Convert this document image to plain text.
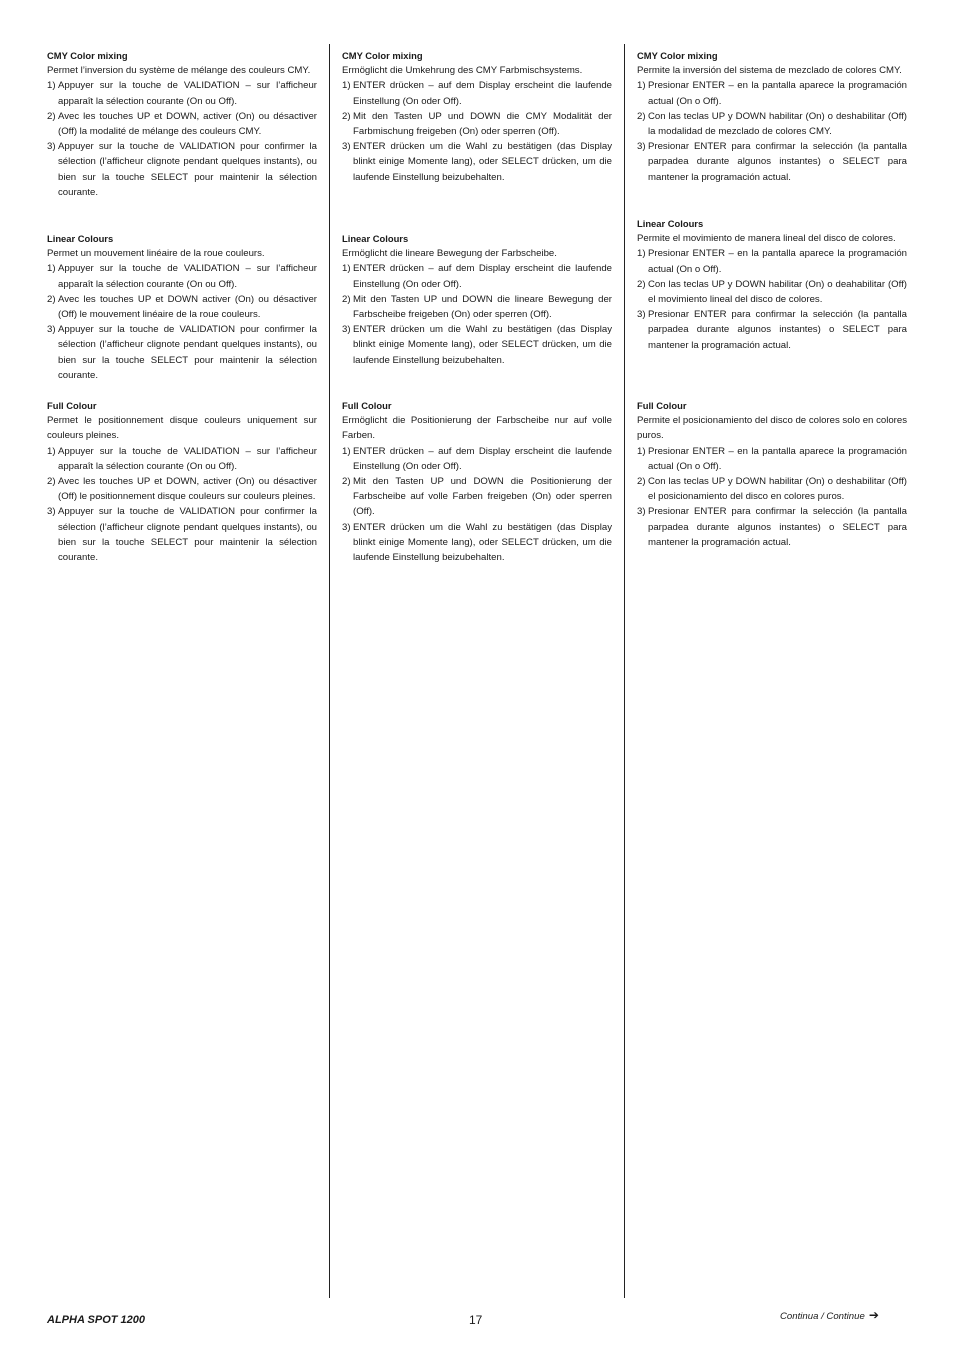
CMY Color mixing

Permet l’inversion du système de mélange des couleurs CMY.

1) Appuyer sur la touche de VALIDATION – sur l’afficheur apparaît la sélection courante (On ou Off).
2) Avec les touches UP et DOWN, activer (On) ou désactiver (Off) la modalité de mélange des couleurs CMY.
3) Appuyer sur la touche de VALIDATION pour confirmer la sélection (l’afficheur clignote pendant quelques instants), ou bien sur la touche SELECT pour maintenir la sélection courante.

Linear Colours

Permet un mouvement linéaire de la roue couleurs.

1) Appuyer sur la touche de VALIDATION – sur l’afficheur apparaît la sélection courante (On ou Off).
2) Avec les touches UP et DOWN activer (On) ou désactiver (Off) le mouvement linéaire de la roue couleurs.
3) Appuyer sur la touche de VALIDATION pour confirmer la sélection (l’afficheur clignote pendant quelques instants), ou bien sur la touche SELECT pour maintenir la sélection courante.

Full Colour

Permet le positionnement disque couleurs uniquement sur couleurs pleines.

1) Appuyer sur la touche de VALIDATION – sur l’afficheur apparaît la sélection courante (On ou Off).
2) Avec les touches UP et DOWN, activer (On) ou désactiver (Off) le positionnement disque couleurs sur couleurs pleines.
3) Appuyer sur la touche de VALIDATION pour confirmer la sélection (l’afficheur clignote pendant quelques instants), ou bien sur la touche SELECT pour maintenir la sélection courante.

CMY Color mixing

Ermöglicht die Umkehrung des CMY Farbmischsystems.

1) ENTER drücken – auf dem Display erscheint die laufende Einstellung (On oder Off).
2) Mit den Tasten UP und DOWN die CMY Modalität der Farbmischung freigeben (On) oder sperren (Off).
3) ENTER drücken um die Wahl zu bestätigen (das Display blinkt einige Momente lang), oder SELECT drücken, um die laufende Einstellung beizubehalten.

Linear Colours

Ermöglicht die lineare Bewegung der Farbscheibe.

1) ENTER drücken – auf dem Display erscheint die laufende Einstellung (On oder Off).
2) Mit den Tasten UP und DOWN die lineare Bewegung der Farbscheibe freigeben (On) oder sperren (Off).
3) ENTER drücken um die Wahl zu bestätigen (das Display blinkt einige Momente lang), oder SELECT drücken, um die laufende Einstellung beizubehalten.

Full Colour

Ermöglicht die Positionierung der Farbscheibe nur auf volle Farben.

1) ENTER drücken – auf dem Display erscheint die laufende Einstellung (On oder Off).
2) Mit den Tasten UP und DOWN die Positionierung der Farbscheibe auf volle Farben freigeben (On) oder sperren (Off).
3) ENTER drücken um die Wahl zu bestätigen (das Display blinkt einige Momente lang), oder SELECT drücken, um die laufende Einstellung beizubehalten.

CMY Color mixing

Permite la inversión del sistema de mezclado de colores CMY.

1) Presionar ENTER – en la pantalla aparece la programación actual (On o Off).
2) Con las teclas UP y DOWN habilitar (On) o deshabilitar (Off) la modalidad de mezclado de colores CMY.
3) Presionar ENTER para confirmar la selección (la pantalla parpadea durante algunos instantes) o SELECT para mantener la programación actual.

Linear Colours

Permite el movimiento de manera lineal del disco de colores.

1) Presionar ENTER – en la pantalla aparece la programación actual (On o Off).
2) Con las teclas UP y DOWN habilitar (On) o deahabilitar (Off) el movimiento lineal del disco de colores.
3) Presionar ENTER para confirmar la selección (la pantalla parpadea durante algunos instantes) o SELECT para mantener la programación actual.

Full Colour

Permite el posicionamiento del disco de colores solo en colores puros.

1) Presionar ENTER – en la pantalla aparece la programación actual (On o Off).
2) Con las teclas UP y DOWN habilitar (On) o deshabilitar (Off) el posicionamiento del disco en colores puros.
3) Presionar ENTER para confirmar la selección (la pantalla parpadea durante algunos instantes) o SELECT para mantener la programación actual.
ALPHA SPOT 1200	17	Continua / Continue ➔
